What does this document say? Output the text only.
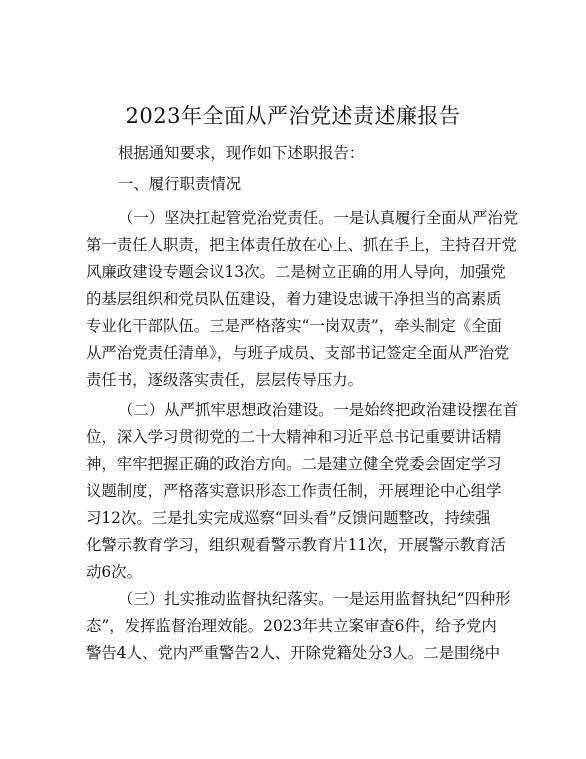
2023年全面从严治党述责述廉报告
根据通知要求，现作如下述职报告：
一、履行职责情况
（一）坚决扛起管党治党责任。一是认真履行全面从严治党
第一责任人职责，把主体责任放在心上、抓在手上，主持召开党
风廉政建设专题会议13次。二是树立正确的用人导向，加强党
的基层组织和党员队伍建设，着力建设忠诚干净担当的高素质
专业化干部队伍。三是严格落实“一岗双责”，牵头制定《全面
从严治党责任清单》，与班子成员、支部书记签定全面从严治党
责任书，逐级落实责任，层层传导压力。
（二）从严抓牢思想政治建设。一是始终把政治建设摆在首
位，深入学习贯彻党的二十大精神和习近平总书记重要讲话精
神，牢牢把握正确的政治方向。二是建立健全党委会固定学习
议题制度，严格落实意识形态工作责任制，开展理论中心组学
习12次。三是扎实完成巡察“回头看”反馈问题整改，持续强
化警示教育学习，组织观看警示教育片11次，开展警示教育活
动6次。
（三）扎实推动监督执纪落实。一是运用监督执纪“四种形
态”，发挥监督治理效能。2023年共立案审查6件，给予党内
警告4人、党内严重警告2人、开除党籍处分3人。二是围绕中
